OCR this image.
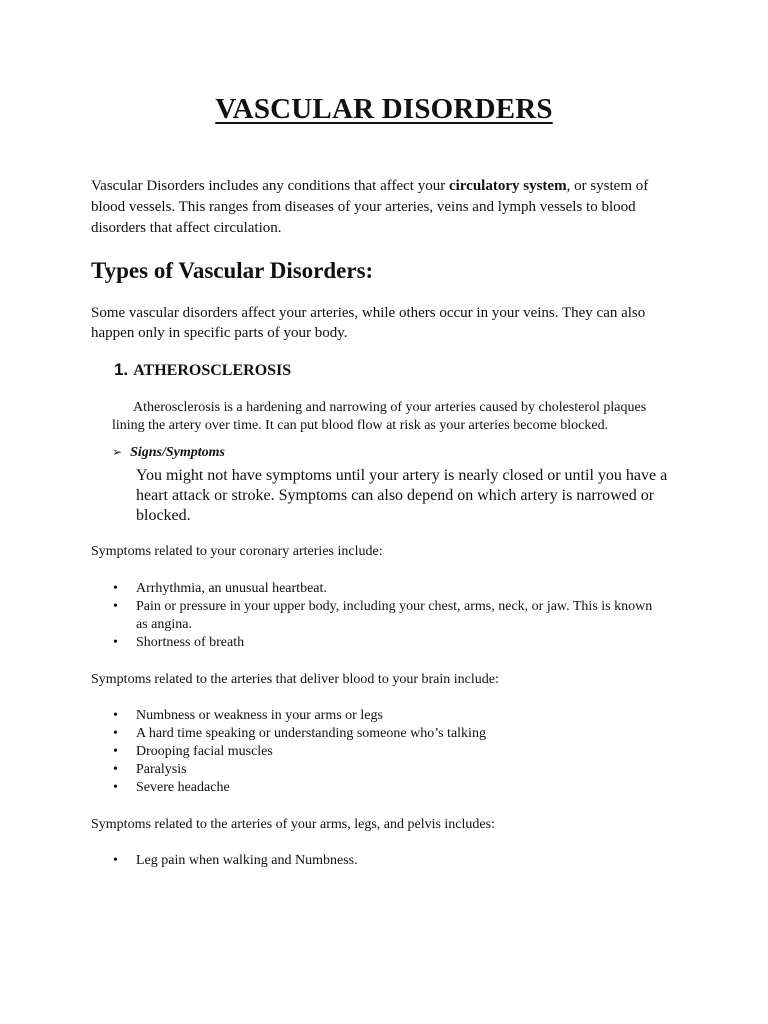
VASCULAR DISORDERS

Vascular Disorders includes any conditions that affect your circulatory system, or system of blood vessels. This ranges from diseases of your arteries, veins and lymph vessels to blood disorders that affect circulation.

Types of Vascular Disorders:

Some vascular disorders affect your arteries, while others occur in your veins. They can also happen only in specific parts of your body.

1. ATHEROSCLEROSIS

Atherosclerosis is a hardening and narrowing of your arteries caused by cholesterol plaques lining the artery over time. It can put blood flow at risk as your arteries become blocked.

➢ Signs/Symptoms

You might not have symptoms until your artery is nearly closed or until you have a heart attack or stroke. Symptoms can also depend on which artery is narrowed or blocked.

Symptoms related to your coronary arteries include:

• Arrhythmia, an unusual heartbeat.
• Pain or pressure in your upper body, including your chest, arms, neck, or jaw. This is known as angina.
• Shortness of breath

Symptoms related to the arteries that deliver blood to your brain include:

• Numbness or weakness in your arms or legs
• A hard time speaking or understanding someone who’s talking
• Drooping facial muscles
• Paralysis
• Severe headache

Symptoms related to the arteries of your arms, legs, and pelvis includes:

• Leg pain when walking and Numbness.
